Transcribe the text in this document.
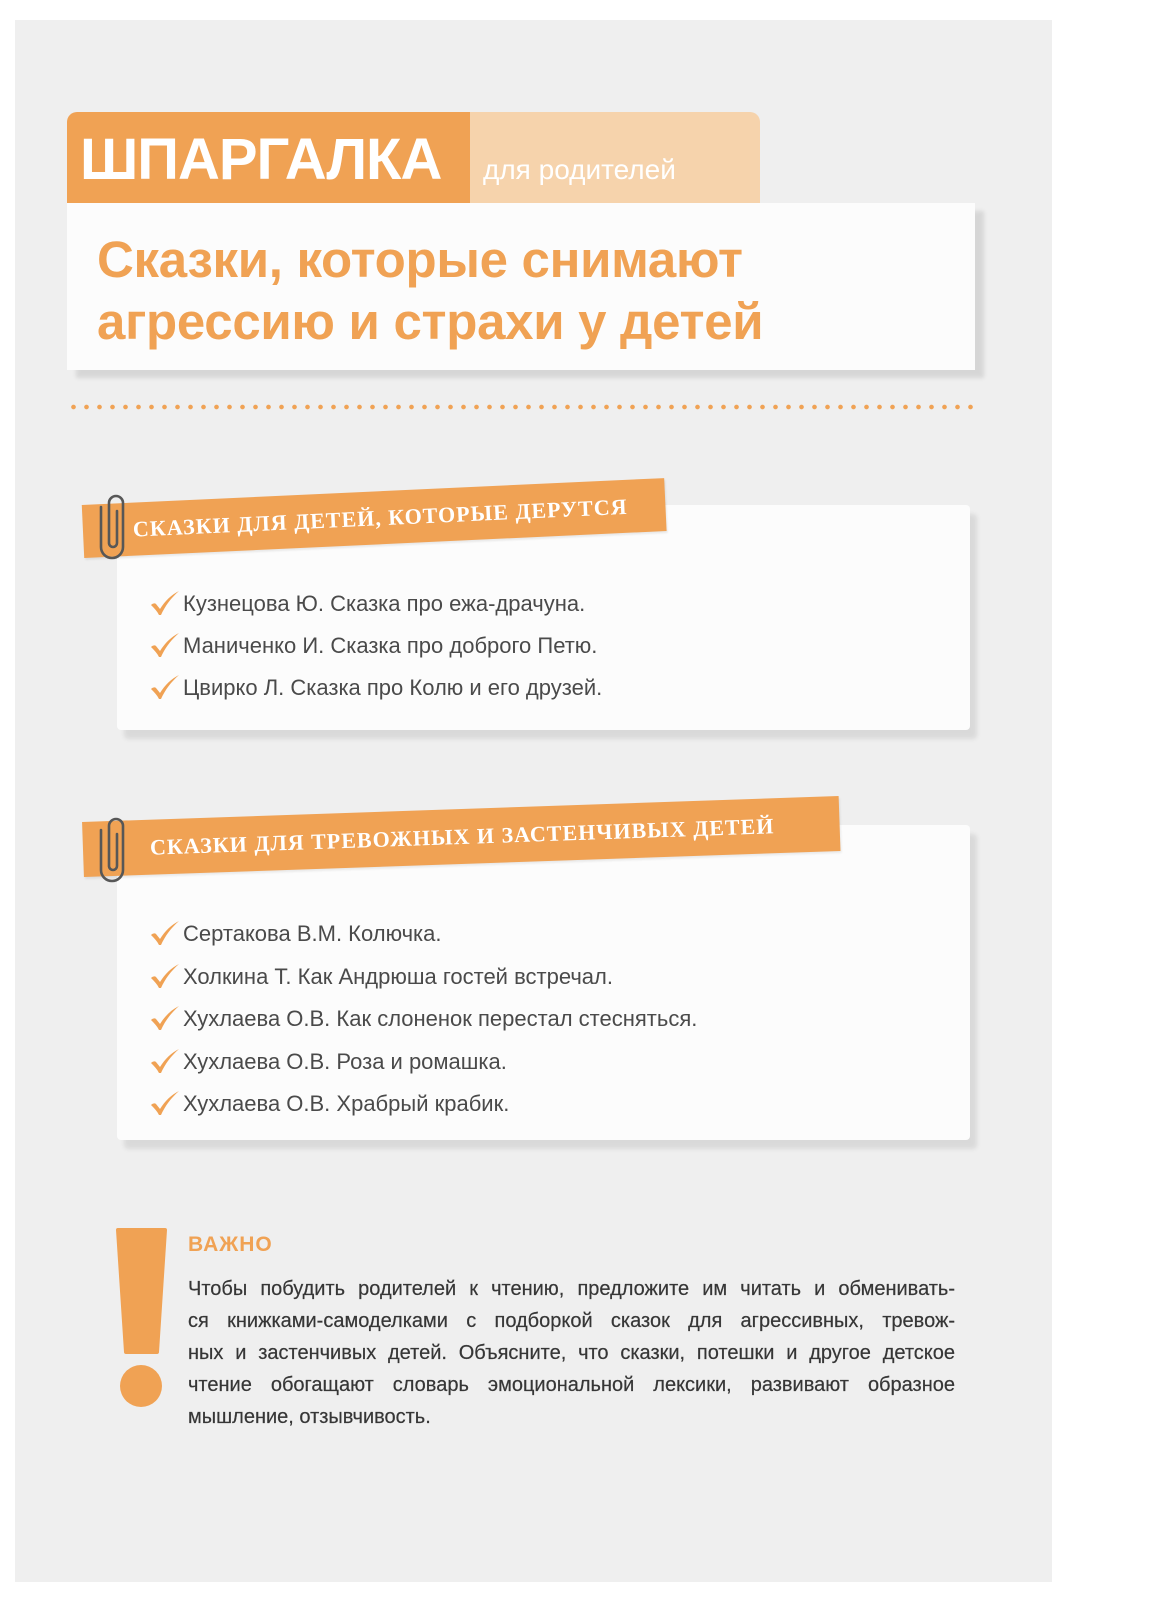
ШПАРГАЛКА	для родителей
Сказки, которые снимают
агрессию и страхи у детей
СКАЗКИ ДЛЯ ДЕТЕЙ, КОТОРЫЕ ДЕРУТСЯ
Кузнецова Ю. Сказка про ежа-драчуна.
Маниченко И. Сказка про доброго Петю.
Цвирко Л. Сказка про Колю и его друзей.
СКАЗКИ ДЛЯ ТРЕВОЖНЫХ И ЗАСТЕНЧИВЫХ ДЕТЕЙ
Сертакова В.М. Колючка.
Холкина Т. Как Андрюша гостей встречал.
Хухлаева О.В. Как слоненок перестал стесняться.
Хухлаева О.В. Роза и ромашка.
Хухлаева О.В. Храбрый крабик.
ВАЖНО
Чтобы побудить родителей к чтению, предложите им читать и обменивать-
ся книжками-самоделками с подборкой сказок для агрессивных, тревож-
ных и застенчивых детей. Объясните, что сказки, потешки и другое детское
чтение обогащают словарь эмоциональной лексики, развивают образное
мышление, отзывчивость.
